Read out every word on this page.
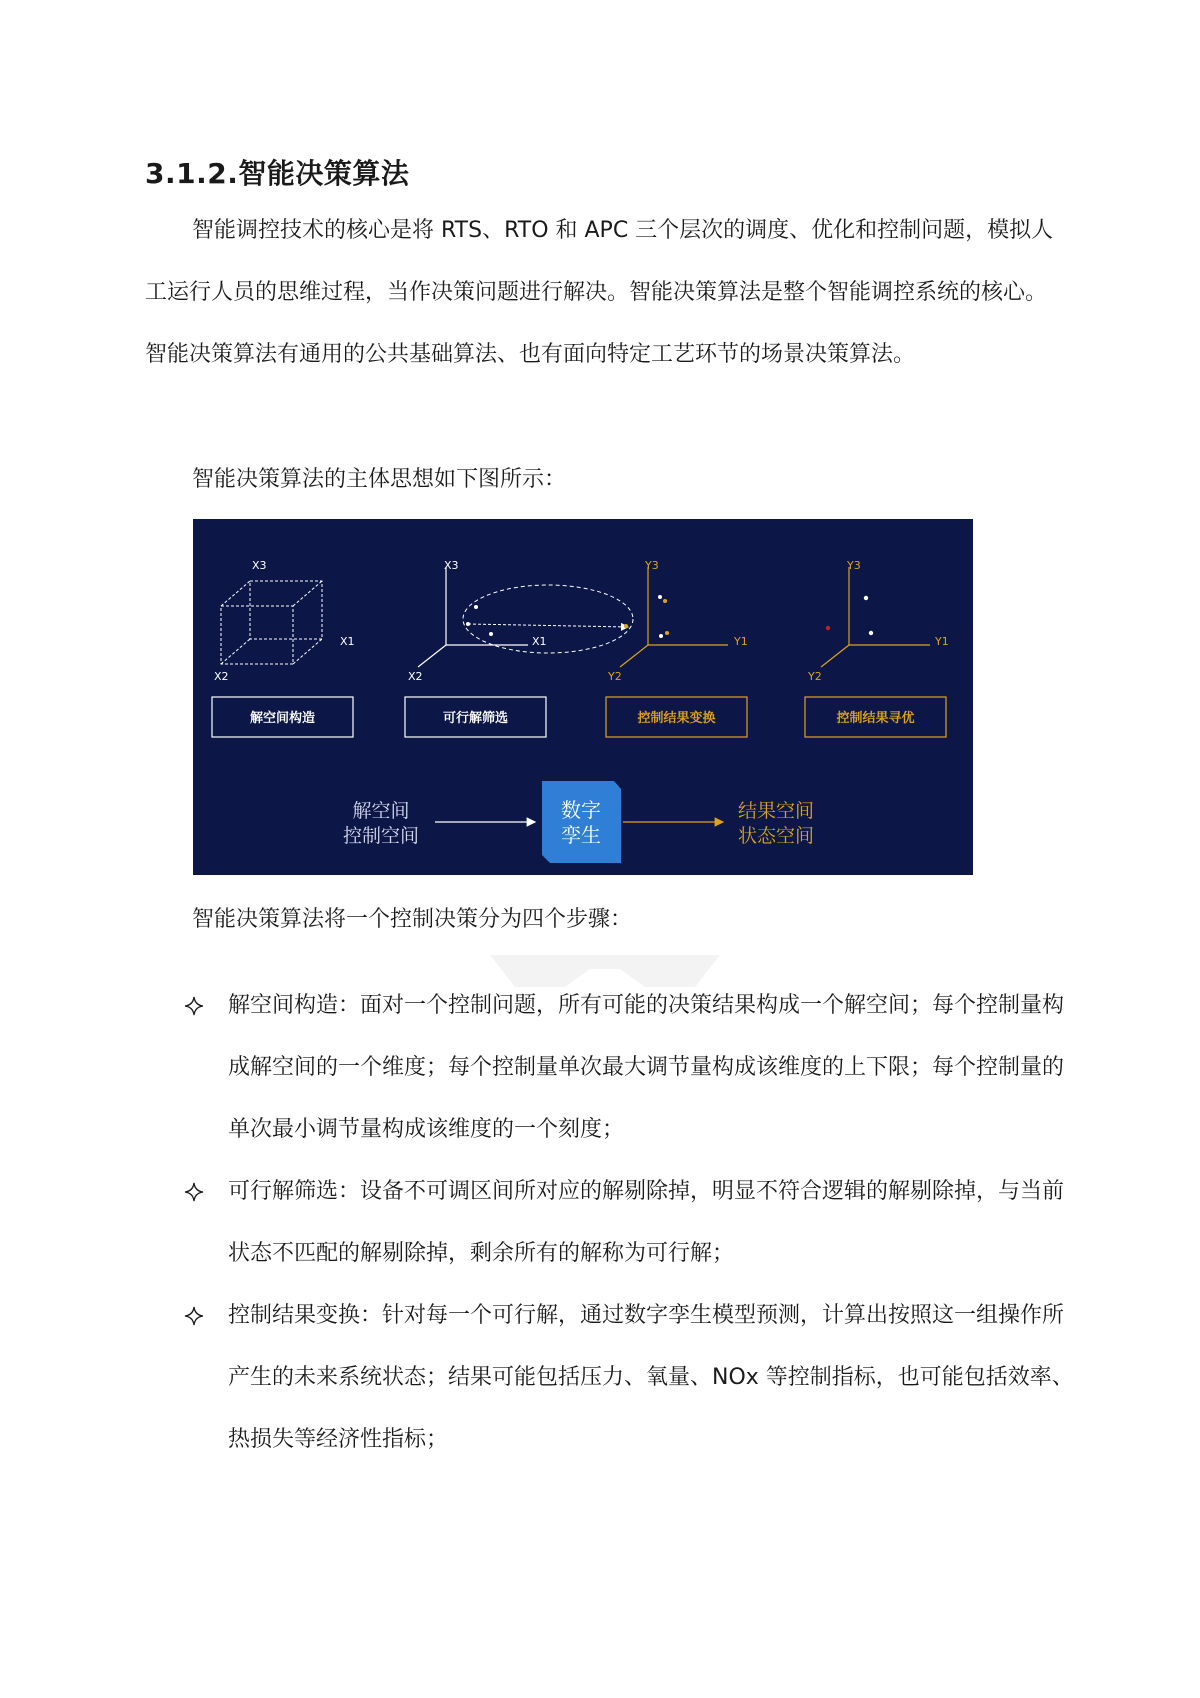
3.1.2.智能决策算法

智能调控技术的核心是将 RTS、RTO 和 APC 三个层次的调度、优化和控制问题，模拟人工运行人员的思维过程，当作决策问题进行解决。智能决策算法是整个智能调控系统的核心。智能决策算法有通用的公共基础算法、也有面向特定工艺环节的场景决策算法。

智能决策算法的主体思想如下图所示：

X3
X1
X2
X3
X1
X2
Y3
Y1
Y2
Y3
Y1
Y2
解空间构造	可行解筛选	控制结果变换	控制结果寻优
解空间
控制空间
数字
孪生
结果空间
状态空间

智能决策算法将一个控制决策分为四个步骤：

解空间构造：面对一个控制问题，所有可能的决策结果构成一个解空间；每个控制量构成解空间的一个维度；每个控制量单次最大调节量构成该维度的上下限；每个控制量的单次最小调节量构成该维度的一个刻度；
可行解筛选：设备不可调区间所对应的解剔除掉，明显不符合逻辑的解剔除掉，与当前状态不匹配的解剔除掉，剩余所有的解称为可行解；
控制结果变换：针对每一个可行解，通过数字孪生模型预测，计算出按照这一组操作所产生的未来系统状态；结果可能包括压力、氧量、NOx 等控制指标，也可能包括效率、热损失等经济性指标；
